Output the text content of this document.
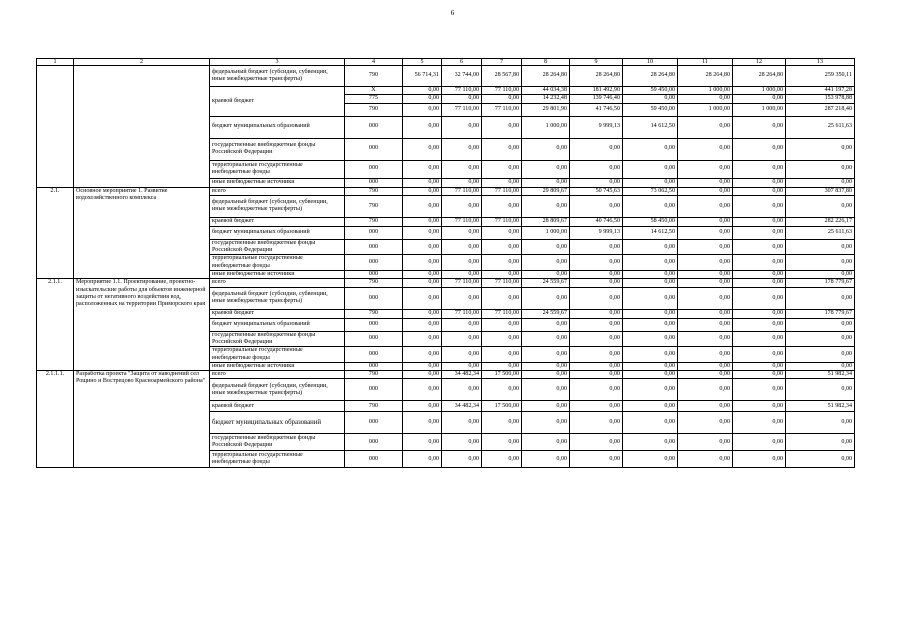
6
1	2	3	4	5	6	7	8	9	10	11	12	13
		федеральный бюджет (субсидии, субвенции, иные межбюджетные трансферты)	790	56 714,31	32 744,00	28 567,80	28 264,80	28 264,80	28 264,80	28 264,80	28 264,80	259 350,11
		краевой бюджет	X	0,00	77 110,00	77 110,00	44 034,38	181 492,90	59 450,00	1 000,00	1 000,00	441 197,28
			775	0,00	0,00	0,00	14 232,48	139 746,40	0,00	0,00	0,00	153 978,88
			790	0,00	77 110,00	77 110,00	29 801,90	41 746,50	59 450,00	1 000,00	1 000,00	287 218,40
		бюджет муниципальных образований	000	0,00	0,00	0,00	1 000,00	9 999,13	14 612,50	0,00	0,00	25 611,63
		государственные внебюджетные фонды Российской Федерации	000	0,00	0,00	0,00	0,00	0,00	0,00	0,00	0,00	0,00
		территориальные государственные внебюджетные фонды	000	0,00	0,00	0,00	0,00	0,00	0,00	0,00	0,00	0,00
		иные внебюджетные источники	000	0,00	0,00	0,00	0,00	0,00	0,00	0,00	0,00	0,00
2.1.	Основное мероприятие 1. Развитие водохозяйственного комплекса	всего	790	0,00	77 110,00	77 110,00	29 809,67	50 745,63	73 062,50	0,00	0,00	307 837,80
		федеральный бюджет (субсидии, субвенции, иные межбюджетные трансферты)	790	0,00	0,00	0,00	0,00	0,00	0,00	0,00	0,00	0,00
		краевой бюджет	790	0,00	77 110,00	77 110,00	28 809,67	40 746,50	58 450,00	0,00	0,00	282 226,17
		бюджет муниципальных образований	000	0,00	0,00	0,00	1 000,00	9 999,13	14 612,50	0,00	0,00	25 611,63
		государственные внебюджетные фонды Российской Федерации	000	0,00	0,00	0,00	0,00	0,00	0,00	0,00	0,00	0,00
		территориальные государственные внебюджетные фонды	000	0,00	0,00	0,00	0,00	0,00	0,00	0,00	0,00	0,00
		иные внебюджетные источники	000	0,00	0,00	0,00	0,00	0,00	0,00	0,00	0,00	0,00
2.1.1.	Мероприятие 1.1. Проектирование, проектно-изыскательские работы для объектов инженерной защиты от негативного воздействия вод, расположенных на территории Приморского края	всего	790	0,00	77 110,00	77 110,00	24 559,67	0,00	0,00	0,00	0,00	178 779,67
		федеральный бюджет (субсидии, субвенции, иные межбюджетные трансферты)	000	0,00	0,00	0,00	0,00	0,00	0,00	0,00	0,00	0,00
		краевой бюджет	790	0,00	77 110,00	77 110,00	24 559,67	0,00	0,00	0,00	0,00	178 779,67
		бюджет муниципальных образований	000	0,00	0,00	0,00	0,00	0,00	0,00	0,00	0,00	0,00
		государственные внебюджетные фонды Российской Федерации	000	0,00	0,00	0,00	0,00	0,00	0,00	0,00	0,00	0,00
		территориальные государственные внебюджетные фонды	000	0,00	0,00	0,00	0,00	0,00	0,00	0,00	0,00	0,00
		иные внебюджетные источники	000	0,00	0,00	0,00	0,00	0,00	0,00	0,00	0,00	0,00
2.1.1.1.	Разработка проекта "Защита от наводнений сел Рощино и Вострецово Красноармейского района"	всего	790	0,00	34 482,34	17 500,00	0,00	0,00	0,00	0,00	0,00	51 982,34
		федеральный бюджет (субсидии, субвенции, иные межбюджетные трансферты)	000	0,00	0,00	0,00	0,00	0,00	0,00	0,00	0,00	0,00
		краевой бюджет	790	0,00	34 482,34	17 500,00	0,00	0,00	0,00	0,00	0,00	51 982,34
		бюджет муниципальных образований	000	0,00	0,00	0,00	0,00	0,00	0,00	0,00	0,00	0,00
		государственные внебюджетные фонды Российской Федерации	000	0,00	0,00	0,00	0,00	0,00	0,00	0,00	0,00	0,00
		территориальные государственные внебюджетные фонды	000	0,00	0,00	0,00	0,00	0,00	0,00	0,00	0,00	0,00
